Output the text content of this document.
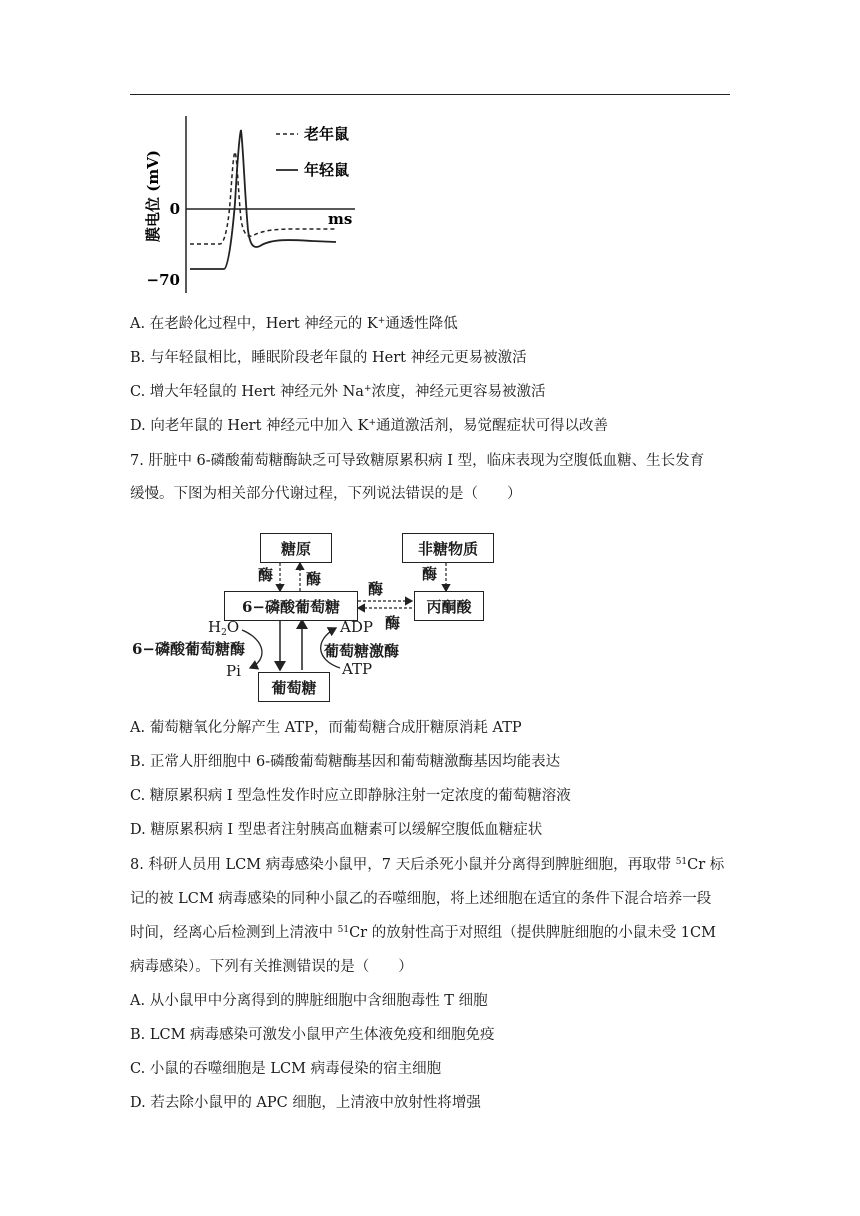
膜电位 (mV) 0
−70
ms
老年鼠
年轻鼠
A. 在老龄化过程中，Hert 神经元的 K+通透性降低
B. 与年轻鼠相比，睡眠阶段老年鼠的 Hert 神经元更易被激活
C. 增大年轻鼠的 Hert 神经元外 Na+浓度，神经元更容易被激活
D. 向老年鼠的 Hert 神经元中加入 K+通道激活剂，易觉醒症状可得以改善
7. 肝脏中 6-磷酸葡萄糖酶缺乏可导致糖原累积病 I 型，临床表现为空腹低血糖、生长发育
缓慢。下图为相关部分代谢过程，下列说法错误的是（　　）
糖原	非糖物质
6−磷酸葡萄糖	丙酮酸
葡萄糖
酶 酶	酶
酶
酶
$H_2O$
6−磷酸葡萄糖酶
Pi
ADP
葡萄糖激酶
ATP
A. 葡萄糖氧化分解产生 ATP，而葡萄糖合成肝糖原消耗 ATP
B. 正常人肝细胞中 6-磷酸葡萄糖酶基因和葡萄糖激酶基因均能表达
C. 糖原累积病 I 型急性发作时应立即静脉注射一定浓度的葡萄糖溶液
D. 糖原累积病 I 型患者注射胰高血糖素可以缓解空腹低血糖症状
8. 科研人员用 LCM 病毒感染小鼠甲，7 天后杀死小鼠并分离得到脾脏细胞，再取带 $^{51}$Cr 标
记的被 LCM 病毒感染的同种小鼠乙的吞噬细胞，将上述细胞在适宜的条件下混合培养一段
时间，经离心后检测到上清液中 $^{51}$Cr 的放射性高于对照组（提供脾脏细胞的小鼠未受 1CM
病毒感染）。下列有关推测错误的是（　　）
A. 从小鼠甲中分离得到的脾脏细胞中含细胞毒性 T 细胞
B. LCM 病毒感染可激发小鼠甲产生体液免疫和细胞免疫
C. 小鼠的吞噬细胞是 LCM 病毒侵染的宿主细胞
D. 若去除小鼠甲的 APC 细胞，上清液中放射性将增强
